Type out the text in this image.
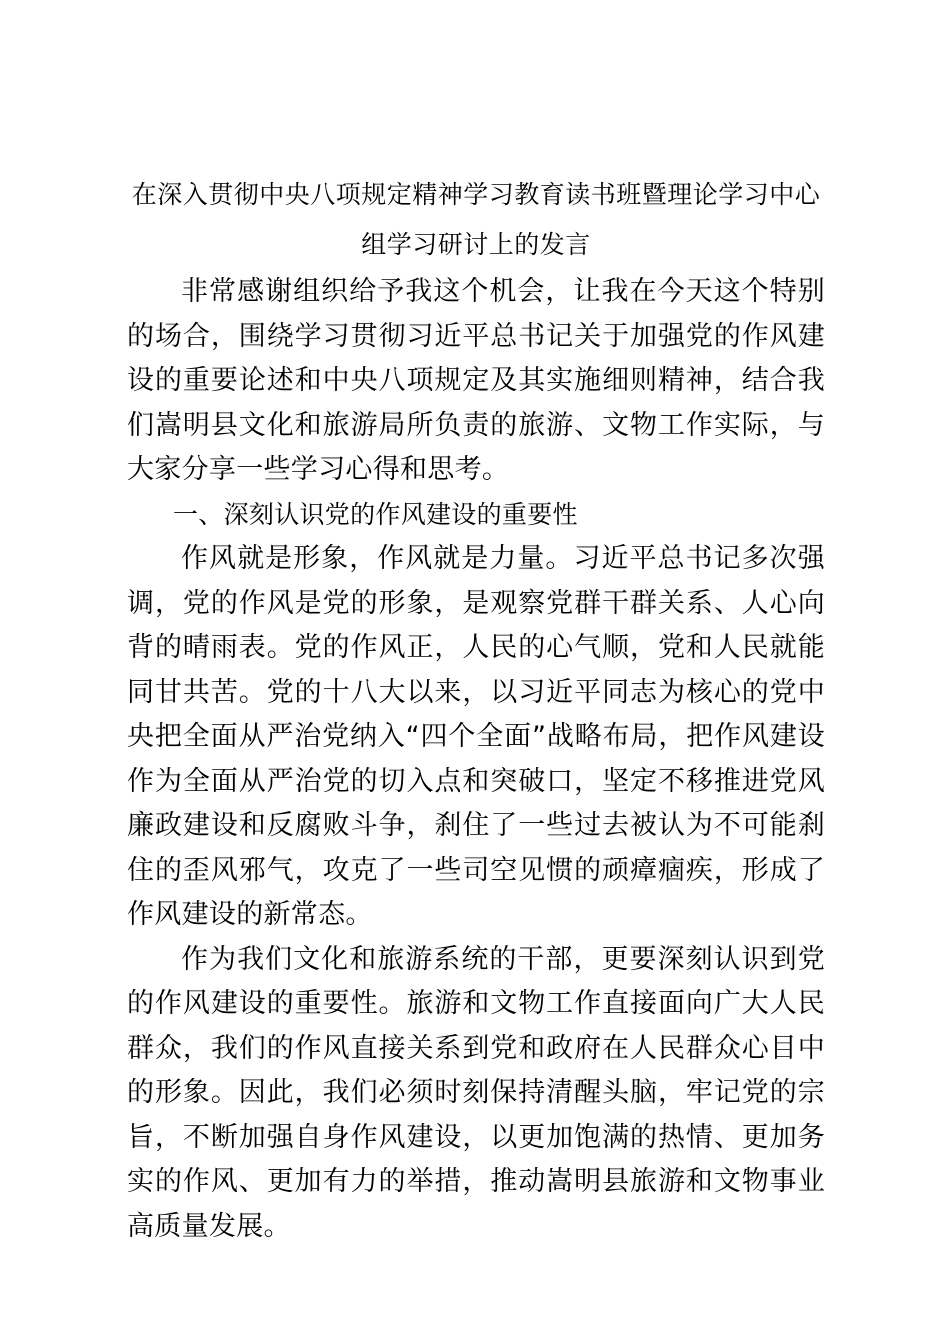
在深入贯彻中央八项规定精神学习教育读书班暨理论学习中心
组学习研讨上的发言

非常感谢组织给予我这个机会，让我在今天这个特别的场合，围绕学习贯彻习近平总书记关于加强党的作风建设的重要论述和中央八项规定及其实施细则精神，结合我们嵩明县文化和旅游局所负责的旅游、文物工作实际，与大家分享一些学习心得和思考。

一、深刻认识党的作风建设的重要性

作风就是形象，作风就是力量。习近平总书记多次强调，党的作风是党的形象，是观察党群干群关系、人心向背的晴雨表。党的作风正，人民的心气顺，党和人民就能同甘共苦。党的十八大以来，以习近平同志为核心的党中央把全面从严治党纳入“四个全面”战略布局，把作风建设作为全面从严治党的切入点和突破口，坚定不移推进党风廉政建设和反腐败斗争，刹住了一些过去被认为不可能刹住的歪风邪气，攻克了一些司空见惯的顽瘴痼疾，形成了作风建设的新常态。

作为我们文化和旅游系统的干部，更要深刻认识到党的作风建设的重要性。旅游和文物工作直接面向广大人民群众，我们的作风直接关系到党和政府在人民群众心目中的形象。因此，我们必须时刻保持清醒头脑，牢记党的宗旨，不断加强自身作风建设，以更加饱满的热情、更加务实的作风、更加有力的举措，推动嵩明县旅游和文物事业高质量发展。
